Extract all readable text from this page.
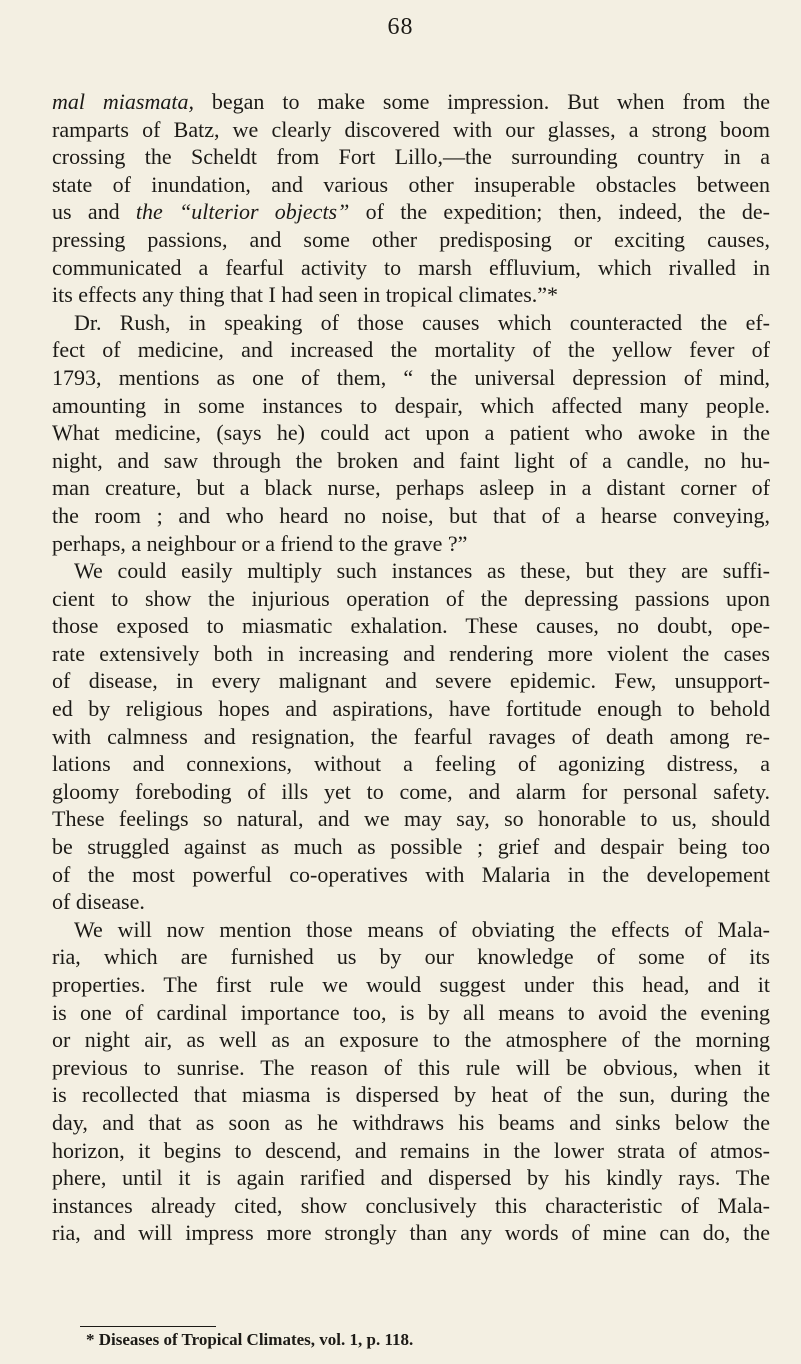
68

mal miasmata, began to make some impression. But when from the

ramparts of Batz, we clearly discovered with our glasses, a strong boom

crossing the Scheldt from Fort Lillo,—the surrounding country in a

state of inundation, and various other insuperable obstacles between

us and the “ulterior objects” of the expedition; then, indeed, the de-

pressing passions, and some other predisposing or exciting causes,

communicated a fearful activity to marsh effluvium, which rivalled in

its effects any thing that I had seen in tropical climates.”*

Dr. Rush, in speaking of those causes which counteracted the ef-

fect of medicine, and increased the mortality of the yellow fever of

1793, mentions as one of them, “ the universal depression of mind,

amounting in some instances to despair, which affected many people.

What medicine, (says he) could act upon a patient who awoke in the

night, and saw through the broken and faint light of a candle, no hu-

man creature, but a black nurse, perhaps asleep in a distant corner of

the room ; and who heard no noise, but that of a hearse conveying,

perhaps, a neighbour or a friend to the grave ?”

We could easily multiply such instances as these, but they are suffi-

cient to show the injurious operation of the depressing passions upon

those exposed to miasmatic exhalation. These causes, no doubt, ope-

rate extensively both in increasing and rendering more violent the cases

of disease, in every malignant and severe epidemic. Few, unsupport-

ed by religious hopes and aspirations, have fortitude enough to behold

with calmness and resignation, the fearful ravages of death among re-

lations and connexions, without a feeling of agonizing distress, a

gloomy foreboding of ills yet to come, and alarm for personal safety.

These feelings so natural, and we may say, so honorable to us, should

be struggled against as much as possible ; grief and despair being too

of the most powerful co-operatives with Malaria in the developement

of disease.

We will now mention those means of obviating the effects of Mala-

ria, which are furnished us by our knowledge of some of its

properties. The first rule we would suggest under this head, and it

is one of cardinal importance too, is by all means to avoid the evening

or night air, as well as an exposure to the atmosphere of the morning

previous to sunrise. The reason of this rule will be obvious, when it

is recollected that miasma is dispersed by heat of the sun, during the

day, and that as soon as he withdraws his beams and sinks below the

horizon, it begins to descend, and remains in the lower strata of atmos-

phere, until it is again rarified and dispersed by his kindly rays. The

instances already cited, show conclusively this characteristic of Mala-

ria, and will impress more strongly than any words of mine can do, the

* Diseases of Tropical Climates, vol. 1, p. 118.
